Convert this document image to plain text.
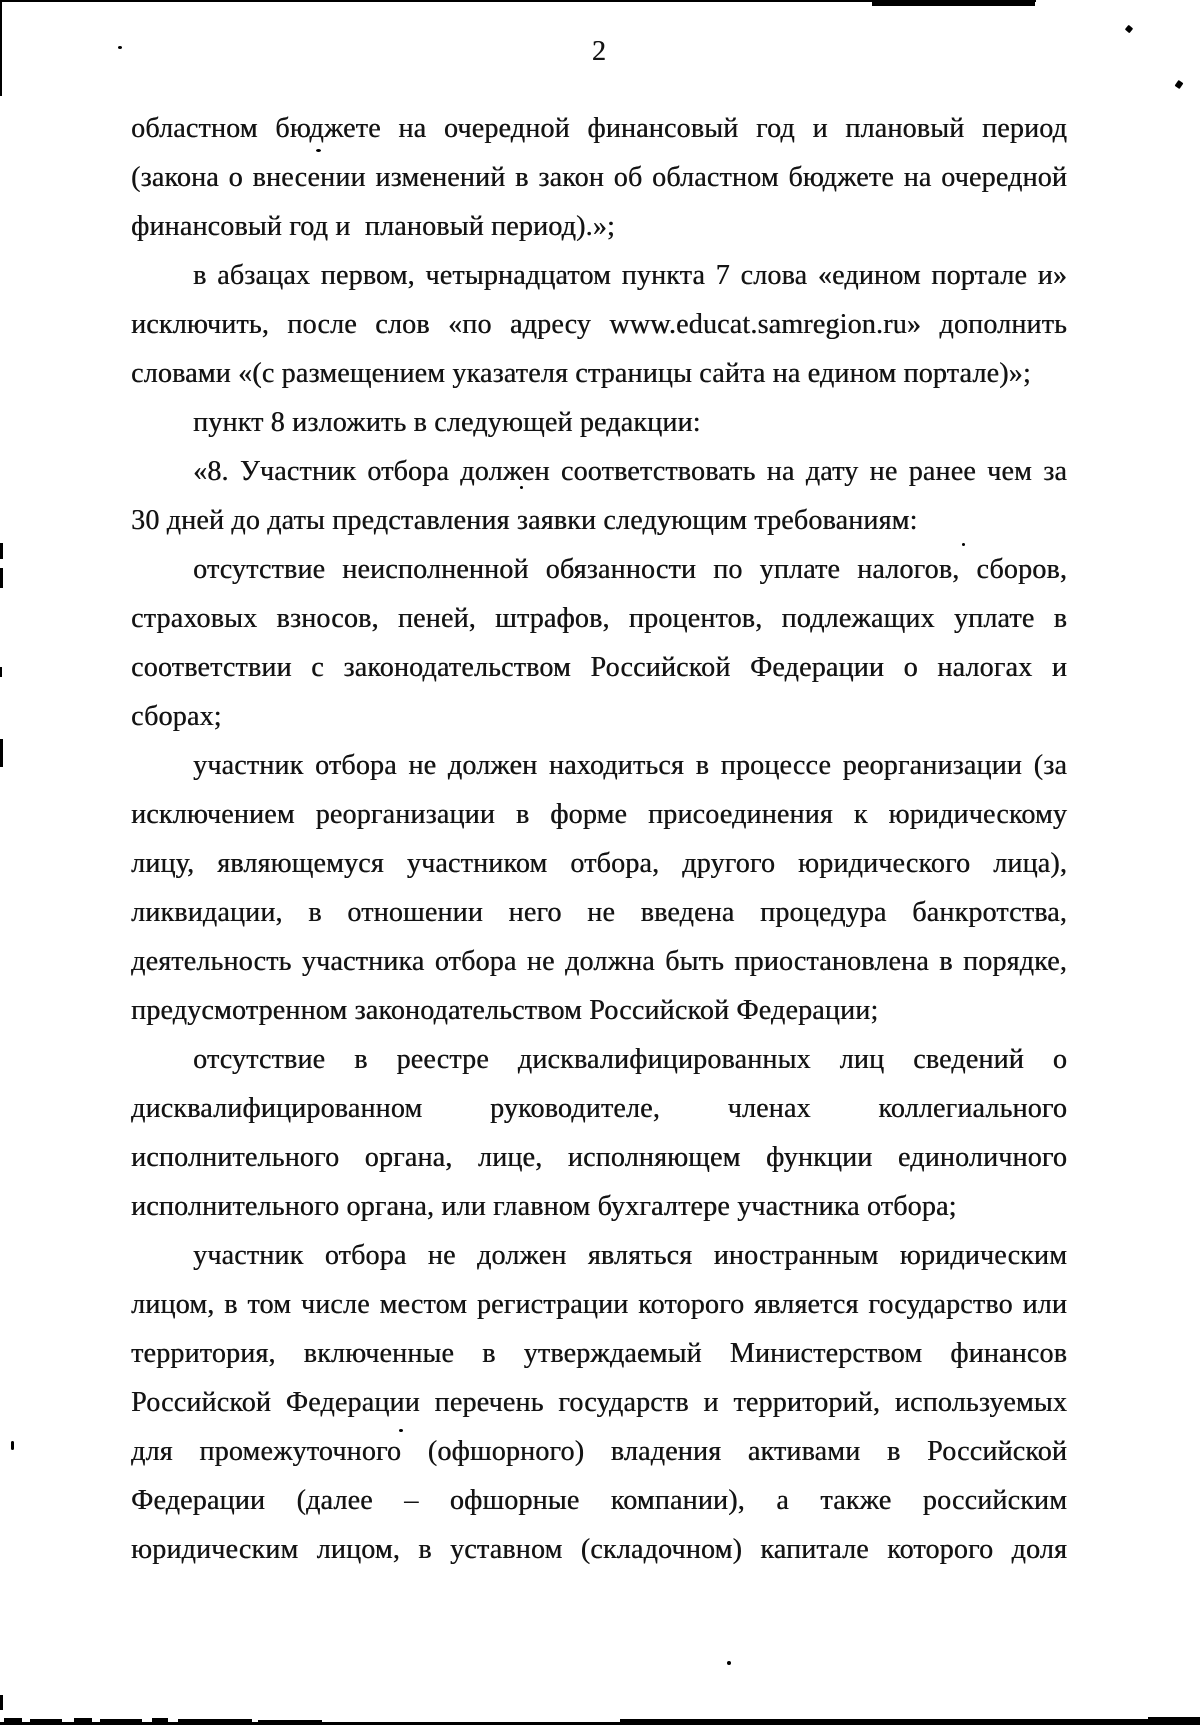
2
областном бюджете на очередной финансовый год и плановый период
(закона о внесении изменений в закон об областном бюджете на очередной
финансовый год и  плановый период).»;
в абзацах первом, четырнадцатом пункта 7 слова «едином портале и»
исключить, после слов «по адресу www.educat.samregion.ru» дополнить
словами «(с размещением указателя страницы сайта на едином портале)»;
пункт 8 изложить в следующей редакции:
«8. Участник отбора должен соответствовать на дату не ранее чем за
30 дней до даты представления заявки следующим требованиям:
отсутствие неисполненной обязанности по уплате налогов, сборов,
страховых взносов, пеней, штрафов, процентов, подлежащих уплате в
соответствии с законодательством Российской Федерации о налогах и
сборах;
участник отбора не должен находиться в процессе реорганизации (за
исключением реорганизации в форме присоединения к юридическому
лицу, являющемуся участником отбора, другого юридического лица),
ликвидации, в отношении него не введена процедура банкротства,
деятельность участника отбора не должна быть приостановлена в порядке,
предусмотренном законодательством Российской Федерации;
отсутствие в реестре дисквалифицированных лиц сведений о
дисквалифицированном руководителе, членах коллегиального
исполнительного органа, лице, исполняющем функции единоличного
исполнительного органа, или главном бухгалтере участника отбора;
участник отбора не должен являться иностранным юридическим
лицом, в том числе местом регистрации которого является государство или
территория, включенные в утверждаемый Министерством финансов
Российской Федерации перечень государств и территорий, используемых
для промежуточного (офшорного) владения активами в Российской
Федерации (далее – офшорные компании), а также российским
юридическим лицом, в уставном (складочном) капитале которого доля
